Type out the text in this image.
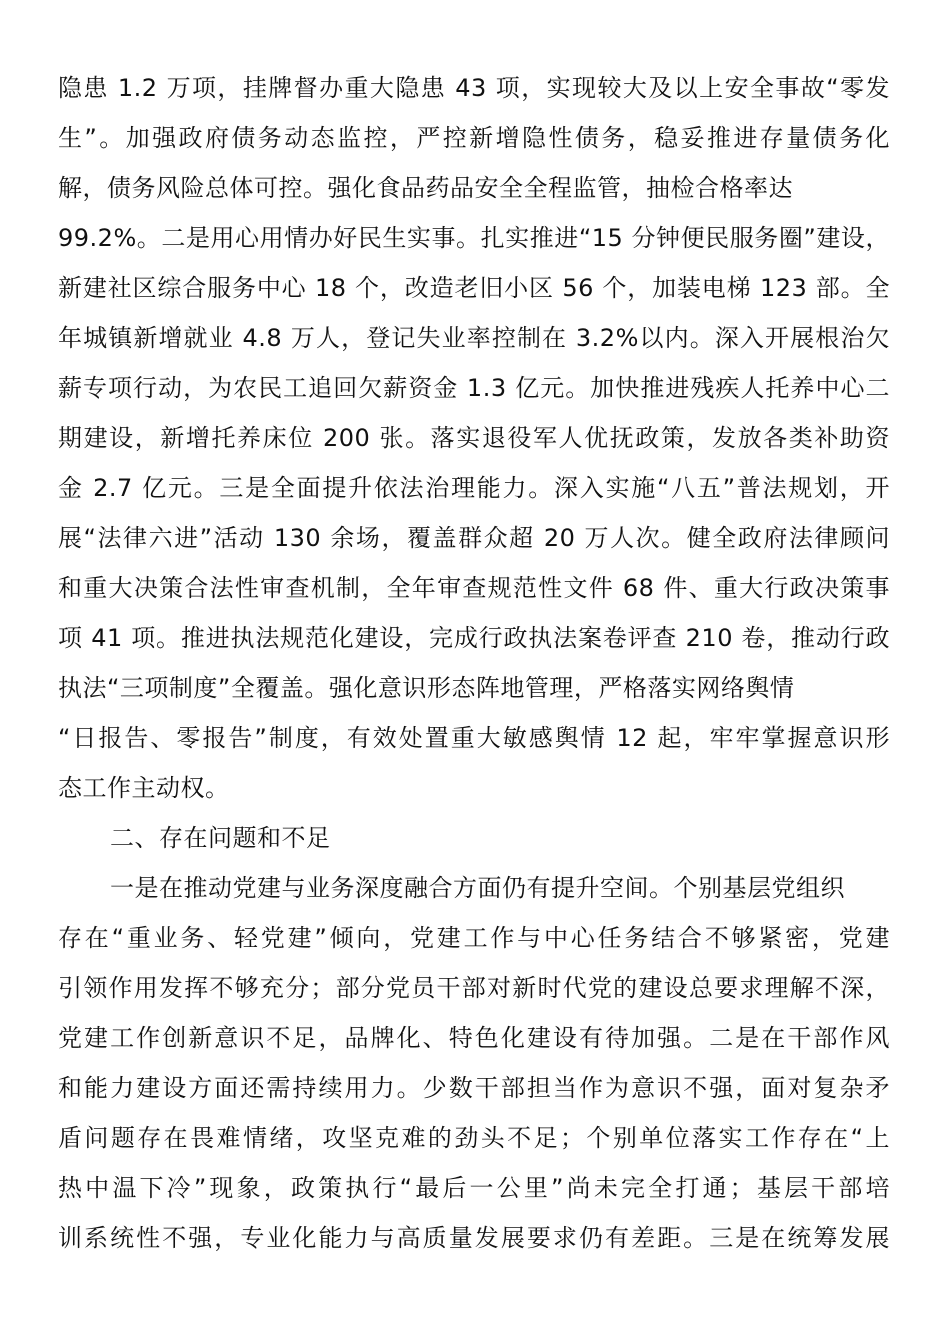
隐患 1.2 万项，挂牌督办重大隐患 43 项，实现较大及以上安全事故“零发
生”。加强政府债务动态监控，严控新增隐性债务，稳妥推进存量债务化
解，债务风险总体可控。强化食品药品安全全程监管，抽检合格率达
99.2%。二是用心用情办好民生实事。扎实推进“15 分钟便民服务圈”建设，
新建社区综合服务中心 18 个，改造老旧小区 56 个，加装电梯 123 部。全
年城镇新增就业 4.8 万人，登记失业率控制在 3.2%以内。深入开展根治欠
薪专项行动，为农民工追回欠薪资金 1.3 亿元。加快推进残疾人托养中心二
期建设，新增托养床位 200 张。落实退役军人优抚政策，发放各类补助资
金 2.7 亿元。三是全面提升依法治理能力。深入实施“八五”普法规划，开
展“法律六进”活动 130 余场，覆盖群众超 20 万人次。健全政府法律顾问
和重大决策合法性审查机制，全年审查规范性文件 68 件、重大行政决策事
项 41 项。推进执法规范化建设，完成行政执法案卷评查 210 卷，推动行政
执法“三项制度”全覆盖。强化意识形态阵地管理，严格落实网络舆情
“日报告、零报告”制度，有效处置重大敏感舆情 12 起，牢牢掌握意识形
态工作主动权。
二、存在问题和不足
一是在推动党建与业务深度融合方面仍有提升空间。个别基层党组织
存在“重业务、轻党建”倾向，党建工作与中心任务结合不够紧密，党建
引领作用发挥不够充分；部分党员干部对新时代党的建设总要求理解不深，
党建工作创新意识不足，品牌化、特色化建设有待加强。二是在干部作风
和能力建设方面还需持续用力。少数干部担当作为意识不强，面对复杂矛
盾问题存在畏难情绪，攻坚克难的劲头不足；个别单位落实工作存在“上
热中温下冷”现象，政策执行“最后一公里”尚未完全打通；基层干部培
训系统性不强，专业化能力与高质量发展要求仍有差距。三是在统筹发展
